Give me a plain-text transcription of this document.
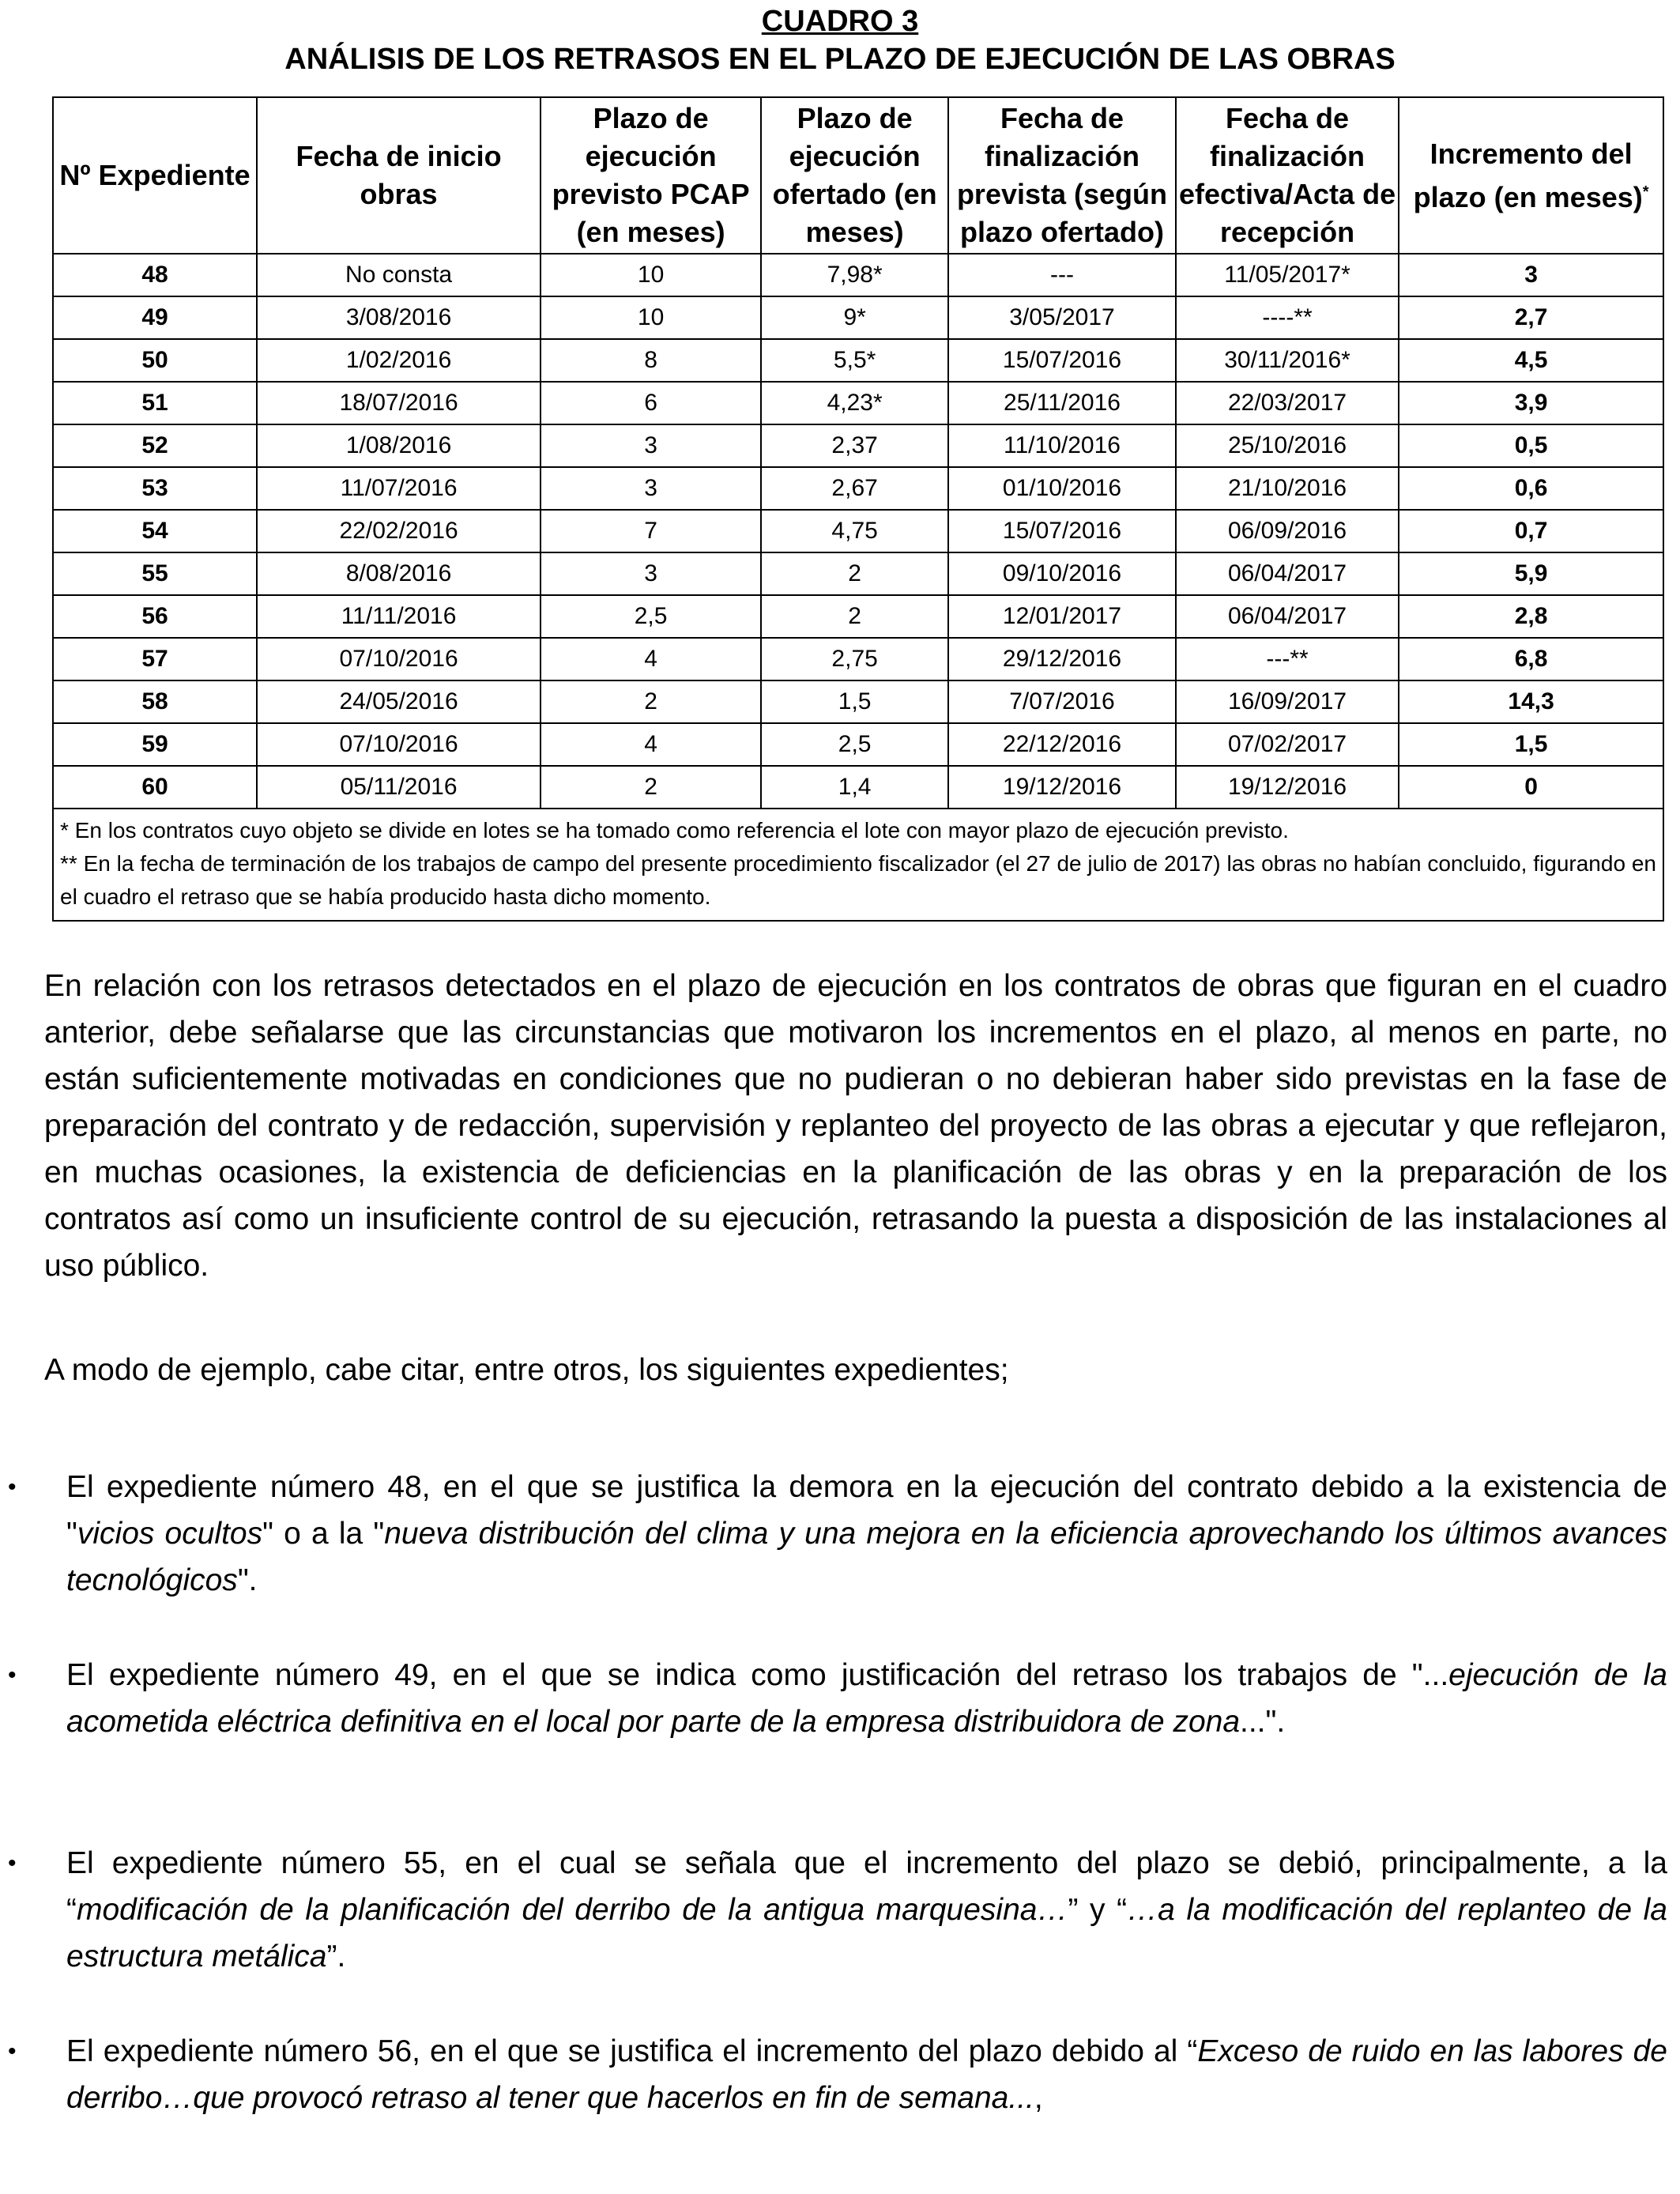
CUADRO 3
ANÁLISIS DE LOS RETRASOS EN EL PLAZO DE EJECUCIÓN DE LAS OBRAS
Nº Expediente	Fecha de inicio obras	Plazo de ejecución previsto PCAP (en meses)	Plazo de ejecución ofertado (en meses)	Fecha de finalización prevista (según plazo ofertado)	Fecha de finalización efectiva/Acta de recepción	Incremento del plazo (en meses)*
48	No consta	10	7,98*	---	11/05/2017*	3
49	3/08/2016	10	9*	3/05/2017	----**	2,7
50	1/02/2016	8	5,5*	15/07/2016	30/11/2016*	4,5
51	18/07/2016	6	4,23*	25/11/2016	22/03/2017	3,9
52	1/08/2016	3	2,37	11/10/2016	25/10/2016	0,5
53	11/07/2016	3	2,67	01/10/2016	21/10/2016	0,6
54	22/02/2016	7	4,75	15/07/2016	06/09/2016	0,7
55	8/08/2016	3	2	09/10/2016	06/04/2017	5,9
56	11/11/2016	2,5	2	12/01/2017	06/04/2017	2,8
57	07/10/2016	4	2,75	29/12/2016	---**	6,8
58	24/05/2016	2	1,5	7/07/2016	16/09/2017	14,3
59	07/10/2016	4	2,5	22/12/2016	07/02/2017	1,5
60	05/11/2016	2	1,4	19/12/2016	19/12/2016	0

* En los contratos cuyo objeto se divide en lotes se ha tomado como referencia el lote con mayor plazo de ejecución previsto.

** En la fecha de terminación de los trabajos de campo del presente procedimiento fiscalizador (el 27 de julio de 2017) las obras no habían concluido, figurando en el cuadro el retraso que se había producido hasta dicho momento.						

En relación con los retrasos detectados en el plazo de ejecución en los contratos de obras que figuran en el cuadro anterior, debe señalarse que las circunstancias que motivaron los incrementos en el plazo, al menos en parte, no están suficientemente motivadas en condiciones que no pudieran o no debieran haber sido previstas en la fase de preparación del contrato y de redacción, supervisión y replanteo del proyecto de las obras a ejecutar y que reflejaron, en muchas ocasiones, la existencia de deficiencias en la planificación de las obras y en la preparación de los contratos así como un insuficiente control de su ejecución, retrasando la puesta a disposición de las instalaciones al uso público.

A modo de ejemplo, cabe citar, entre otros, los siguientes expedientes;

• El expediente número 48, en el que se justifica la demora en la ejecución del contrato debido a la existencia de "vicios ocultos" o a la "nueva distribución del clima y una mejora en la eficiencia aprovechando los últimos avances tecnológicos".

• El expediente número 49, en el que se indica como justificación del retraso los trabajos de "...ejecución de la acometida eléctrica definitiva en el local por parte de la empresa distribuidora de zona...".

• El expediente número 55, en el cual se señala que el incremento del plazo se debió, principalmente, a la “modificación de la planificación del derribo de la antigua marquesina…” y “…a la modificación del replanteo de la estructura metálica”.

• El expediente número 56, en el que se justifica el incremento del plazo debido al “Exceso de ruido en las labores de derribo…que provocó retraso al tener que hacerlos en fin de semana...,
